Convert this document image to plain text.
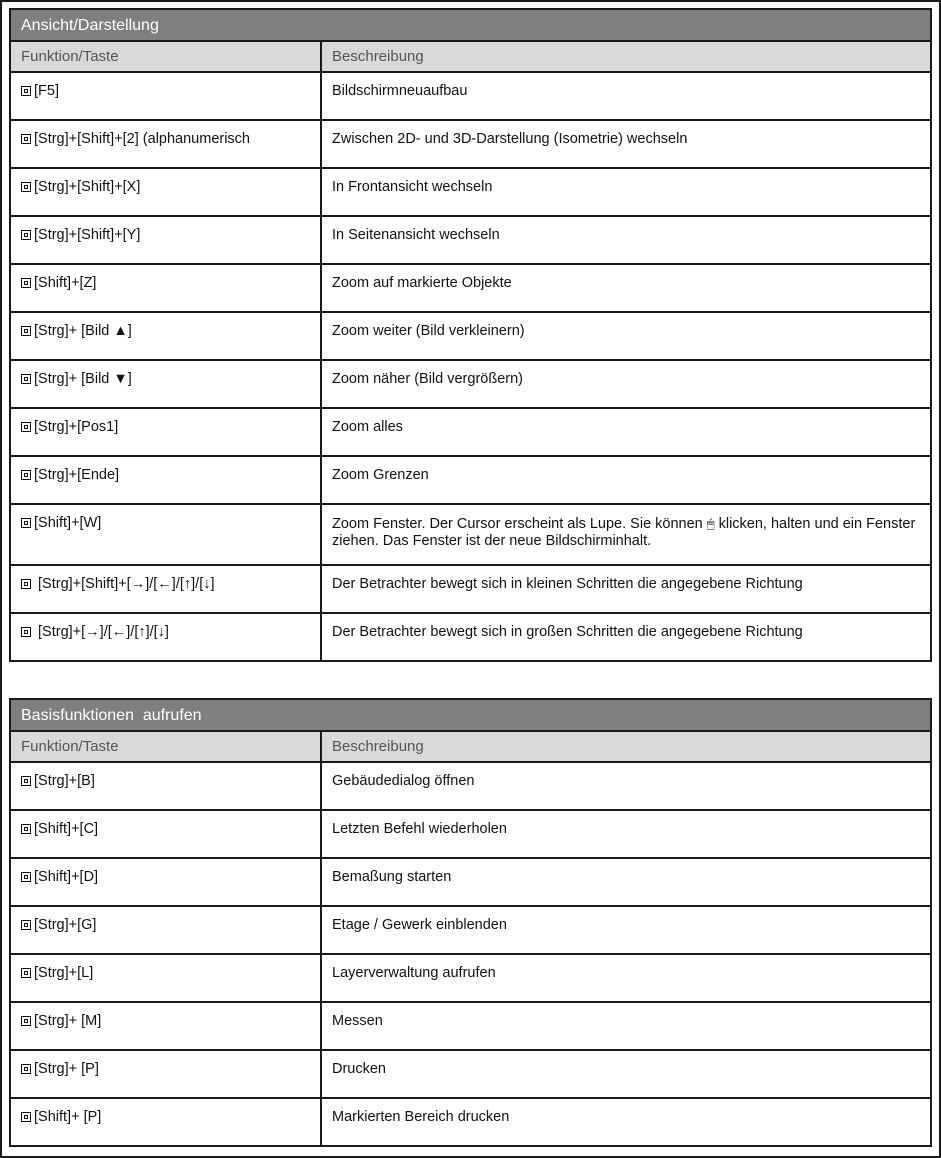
Ansicht/Darstellung
Funktion/Taste	Beschreibung

[F5]	Bildschirmneuaufbau

[Strg]+[Shift]+[2] (alphanumerisch	Zwischen 2D- und 3D-Darstellung (Isometrie) wechseln

[Strg]+[Shift]+[X]	In Frontansicht wechseln

[Strg]+[Shift]+[Y]	In Seitenansicht wechseln

[Shift]+[Z]	Zoom auf markierte Objekte

[Strg]+ [Bild ▲]	Zoom weiter (Bild verkleinern)

[Strg]+ [Bild ▼]	Zoom näher (Bild vergrößern)

[Strg]+[Pos1]	Zoom alles

[Strg]+[Ende]	Zoom Grenzen

[Shift]+[W]	Zoom Fenster. Der Cursor erscheint als Lupe. Sie können 🖱 klicken, halten und ein Fenster ziehen. Das Fenster ist der neue Bildschirminhalt.

[Strg]+[Shift]+[→]/[←]/[↑]/[↓]	Der Betrachter bewegt sich in kleinen Schritten die angegebene Richtung

[Strg]+[→]/[←]/[↑]/[↓]	Der Betrachter bewegt sich in großen Schritten die angegebene Richtung
Basisfunktionen  aufrufen
Funktion/Taste	Beschreibung

[Strg]+[B]	Gebäudedialog öffnen

[Shift]+[C]	Letzten Befehl wiederholen

[Shift]+[D]	Bemaßung starten

[Strg]+[G]	Etage / Gewerk einblenden

[Strg]+[L]	Layerverwaltung aufrufen

[Strg]+ [M]	Messen

[Strg]+ [P]	Drucken

[Shift]+ [P]	Markierten Bereich drucken
